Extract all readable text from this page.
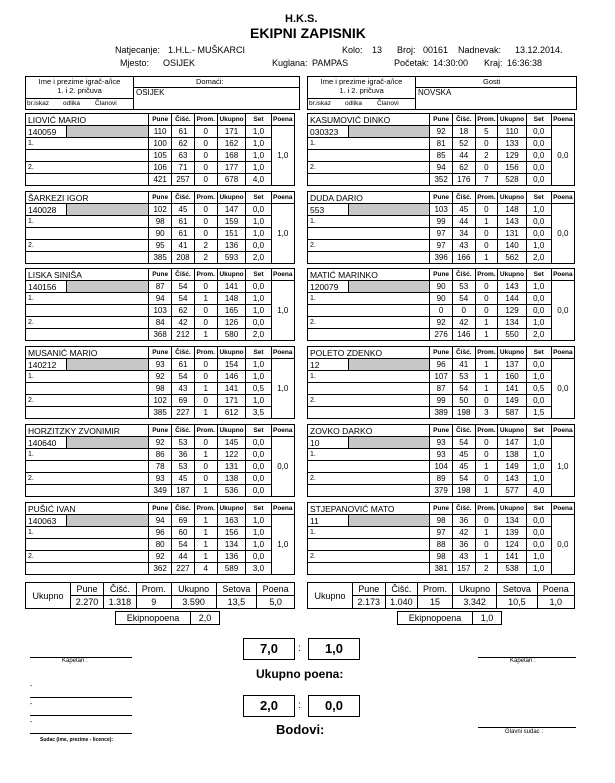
H.K.S.
EKIPNI ZAPISNIK
Natjecanje: 1.H.L.- MUŠKARCI	Kolo: 13 Broj: 00161 Nadnevak: 13.12.2014.
Mjesto: OSIJEK	Kuglana: PAMPAS	Početak: 14:30:00 Kraj: 16:36:38
Ime i prezime igrač-a/ice
1. i 2. pričuva
Domaći:
OSIJEK
br.iskaz odlika Članovi
Ime i prezime igrač-a/ice
1. i 2. pričuva
Gosti
NOVSKA
br.iskaz odlika Članovi
LIOVIĆ MARIO		Pune	Čišć.	Prom.	Ukupno	Set	Poena
140059		110	61	0	171	1,0	1,0
1.		100	62	0	162	1,0	
		105	63	0	168	1,0	
2.		106	71	0	177	1,0	
		421	257	0	678	4,0	
ŠARKEZI IGOR		Pune	Čišć.	Prom.	Ukupno	Set	Poena
140028		102	45	0	147	0,0	1,0
1.		98	61	0	159	1,0	
		90	61	0	151	1,0	
2.		95	41	2	136	0,0	
		385	208	2	593	2,0	
LISKA SINIŠA		Pune	Čišć.	Prom.	Ukupno	Set	Poena
140156		87	54	0	141	0,0	1,0
1.		94	54	1	148	1,0	
		103	62	0	165	1,0	
2.		84	42	0	126	0,0	
		368	212	1	580	2,0	
MUSANIĆ MARIO		Pune	Čišć.	Prom.	Ukupno	Set	Poena
140212		93	61	0	154	1,0	1,0
1.		92	54	0	146	1,0	
		98	43	1	141	0,5	
2.		102	69	0	171	1,0	
		385	227	1	612	3,5	
HORZITZKY ZVONIMIR		Pune	Čišć.	Prom.	Ukupno	Set	Poena
140640		92	53	0	145	0,0	0,0
1.		86	36	1	122	0,0	
		78	53	0	131	0,0	
2.		93	45	0	138	0,0	
		349	187	1	536	0,0	
PUŠIĆ IVAN		Pune	Čišć.	Prom.	Ukupno	Set	Poena
140063		94	69	1	163	1,0	1,0
1.		96	60	1	156	1,0	
		80	54	1	134	1,0	
2.		92	44	1	136	0,0	
		362	227	4	589	3,0	
KASUMOVIĆ DINKO		Pune	Čišć.	Prom.	Ukupno	Set	Poena
030323		92	18	5	110	0,0	0,0
1.		81	52	0	133	0,0	
		85	44	2	129	0,0	
2.		94	62	0	156	0,0	
		352	176	7	528	0,0	
DUDA DARIO		Pune	Čišć.	Prom.	Ukupno	Set	Poena
553		103	45	0	148	1,0	0,0
1.		99	44	1	143	0,0	
		97	34	0	131	0,0	
2.		97	43	0	140	1,0	
		396	166	1	562	2,0	
MATIĆ MARINKO		Pune	Čišć.	Prom.	Ukupno	Set	Poena
120079		90	53	0	143	1,0	0,0
1.		90	54	0	144	0,0	
		0	0	0	129	0,0	
2.		92	42	1	134	1,0	
		276	146	1	550	2,0	
POLETO ZDENKO		Pune	Čišć.	Prom.	Ukupno	Set	Poena
12		96	41	1	137	0,0	0,0
1.		107	53	1	160	1,0	
		87	54	1	141	0,5	
2.		99	50	0	149	0,0	
		389	198	3	587	1,5	
ZOVKO DARKO		Pune	Čišć.	Prom.	Ukupno	Set	Poena
10		93	54	0	147	1,0	1,0
1.		93	45	0	138	1,0	
		104	45	1	149	1,0	
2.		89	54	0	143	1,0	
		379	198	1	577	4,0	
STJEPANOVIĆ MATO		Pune	Čišć.	Prom.	Ukupno	Set	Poena
11		98	36	0	134	0,0	0,0
1.		97	42	1	139	0,0	
		88	36	0	124	0,0	
2.		98	43	1	141	1,0	
		381	157	2	538	1,0	
Ukupno	Pune	Čišć.	Prom.	Ukupno	Setova	Poena
	2.270	1.318	9	3.590	13,5	5,0
Ekipnopoena	2,0
Ukupno	Pune	Čišć.	Prom.	Ukupno	Setova	Poena
	2.173	1.040	15	3.342	10,5	1,0
Ekipnopoena	1,0
7,0	:	1,0
Ukupno poena:
2,0	:	0,0
Bodovi:
Kapetan :	Kapetan :
-
-
-
Sudac (ime, prezime - licence):
Glavni sudac :
